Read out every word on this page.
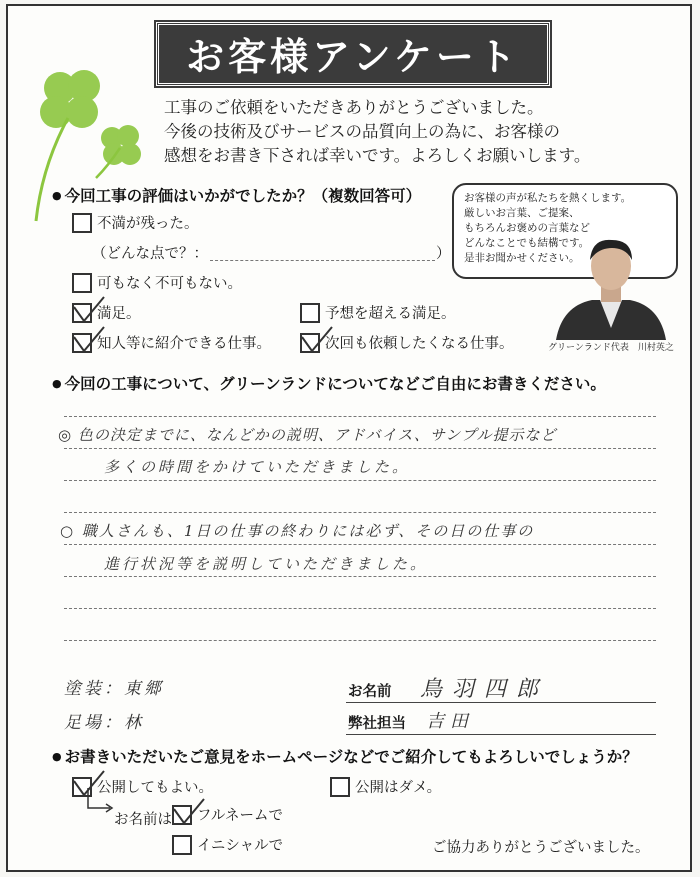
お客様アンケート
工事のご依頼をいただきありがとうございました。
今後の技術及びサービスの品質向上の為に、お客様の
感想をお書き下されば幸いです。よろしくお願いします。
● 今回工事の評価はいかがでしたか？（複数回答可）
不満が残った。
（どんな点で？：	）
可もなく不可もない。
満足。	予想を超える満足。
知人等に紹介できる仕事。	次回も依頼したくなる仕事。
お客様の声が私たちを熱くします。
厳しいお言葉、ご提案、
もちろんお褒めの言葉など
どんなことでも結構です。
是非お聞かせください。
グリーンランド代表　川村英之
● 今回の工事について、グリーンランドについてなどご自由にお書きください。
◎ 色の決定までに、なんどかの説明、アドバイス、サンプル提示など
多くの時間をかけていただきました。
○ 職人さんも、1日の仕事の終わりには必ず、その日の仕事の
進行状況等を説明していただきました。
塗装：東郷
足場：林
お名前 鳥羽四郎
弊社担当 吉田
● お書きいただいたご意見をホームページなどでご紹介してもよろしいでしょうか？
公開してもよい。	公開はダメ。
お名前は フルネームで
イニシャルで	ご協力ありがとうございました。
